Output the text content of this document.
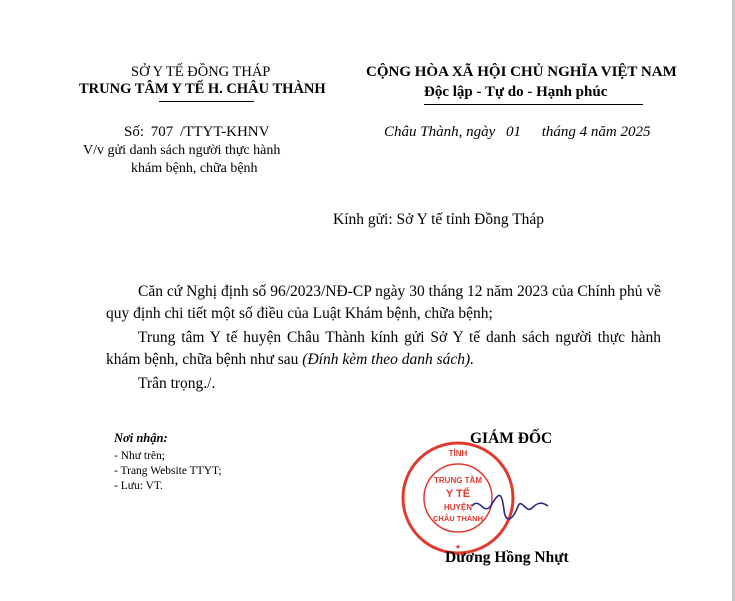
SỞ Y TẾ ĐỒNG THÁP
TRUNG TÂM Y TẾ H. CHÂU THÀNH
CỘNG HÒA XÃ HỘI CHỦ NGHĨA VIỆT NAM
Độc lập - Tự do - Hạnh phúc
Số: 707 /TTYT-KHNV
V/v gửi danh sách người thực hành
khám bệnh, chữa bệnh
Châu Thành, ngày 01 tháng 4 năm 2025
Kính gửi: Sở Y tế tỉnh Đồng Tháp
Căn cứ Nghị định số 96/2023/NĐ-CP ngày 30 tháng 12 năm 2023 của Chính phủ về quy định chi tiết một số điều của Luật Khám bệnh, chữa bệnh;
Trung tâm Y tế huyện Châu Thành kính gửi Sở Y tế danh sách người thực hành khám bệnh, chữa bệnh như sau (Đính kèm theo danh sách).
Trân trọng./.
Nơi nhận:
- Như trên;
- Trang Website TTYT;
- Lưu: VT.
GIÁM ĐỐC
TỈNH
★
TRUNG TÂM
Y TẾ
HUYỆN
CHÂU THÀNH
Dương Hồng Nhựt
